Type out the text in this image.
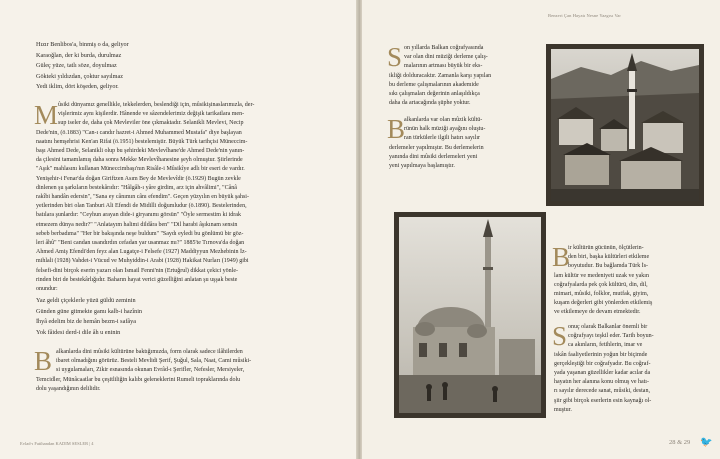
Hızır Benlibos'a, binmiş o da, geliyor
Karaoğlan, der ki burda, durulmaz
Güleç yüze, tatlı söze, doyulmaz
Gökteki yıldızdan, çoktur sayılmaz
Yedi iklim, dört köşeden, geliyor.
M ûsiki dünyamız genellikle, tekkelerden, beslendiği için, mûsikişinaslarımızla, der-
vişlerimiz aynı kişilerdir. Hânende ve sâzendelerimiz değişik tarikatlara men-
sup iseler de, daha çok Mevleviler öne çıkmaktadır. Selanikli Mevlevi, Necip
Dede'nin, (ö.1883) "Can-ı candır hazret-i Ahmed Muhammed Mustafa" diye başlayan
naatını hemşehrisi Ken'an Rifai (ö.1951) bestelemiştir. Büyük Türk tarihçisi Müneccim-
başı Ahmed Dede, Selanikli olup bu şehirdeki Mevlevîhane'de Ahmed Dede'nin yanın-
da çilesini tamamlamış daha sonra Mekke Mevlevîhanesine şeyh olmuştur. Şiirlerinde
"Aşık" mahlasını kullanan Müneccimbaşı'nın Risâle-i Mûsikîye adlı bir eseri de vardır.
Yenişehir-i Fenar'da doğan Giriftzen Asım Bey de Mevlevîdir (ö.1929) Bugün zevkle
dinlenen şu şarkıların bestekârıdır: "Hâlgâh-ı yâre girdim, arz için ahvâlimi", "Cânâ
rakîbi handân edersin", "Sana ey cânımın cânı efendim". Geçen yüzyılın en büyük şahsi-
yetlerinden biri olan Tanburi Ali Efendi de Midilli doğumludur (ö.1890). Bestelerinden,
batılara şunlardır: "Ceyhun arayan dide-i giryanımı görsün" "Öyle sermestim ki idrak
etmezem dünya nedir?" "Anlatayım halimi dildâra ben" "Dil harabi âşıkınam sensin
sebeb berbadıma" "Her bir bakışında neşe buldum" "Saydı eyledi bu gönlümü bir göz-
leri âhû" "Beni candan usandırdın cefadan yar usanmaz mı?" 1885'te Tırnova'da doğan
Ahmed Amiş Efendi'den feyz alan Lugatçe-i Felsefe (1927) Maddiyyun Mezhebinin İz-
mihlali (1928) Vahdet-i Vücud ve Muhyiddin-i Arabi (1928) Hakikat Nurları (1949) gibi
felsefi-dini birçok eserin yazarı olan İsmail Fenni'nin (Ertuğrul) dikkat çekici yönle-
rinden biri de bestekârlığıdır. Baharın hayat verici güzelliğini anlatan şu uşşak beste
onundur:
Yaz geldi çiçeklerle yüzü güldü zeminin
Günden güne gitmekte gamı kalb-i hazînin
İhyâ edelim biz de hemân bezm-i safâya
Yok fâidesi derd-i dile âh u eninin
B alkanlarda dini mûsiki kültürüne baktığımızda, form olarak sadece ilâhilerden
ibaret olmadığını görürüz. Besteli Mevlidi Şerif, Şuğul, Sala, Naat, Cami mûsiki-
si uygulamaları, Zikir esnasında okunan Evrâd-ı Şerifler, Nefesler, Mersiyeler,
Temcidler, Münâcaatlar bu çeşitliliğin kalıbı geleneklerini Rumeli topraklarında dolu
dolu yaşandığının delilidir.
Evlad-ı Fatihandan KADIM SESLER | 4
Benzeri Çan Hayatı Nesne Yazgısı Var
S on yıllarda Balkan coğrafyasında
var olan dini müziği derleme çalış-
malarının artması büyük bir eks-
ikliği dolduracaktır. Zamanla karşı yapılan
bu derleme çalışmalarının akademide
sıkı çalışmaları değerinin anlaşıldıkça
daha da artacağında şüphe yoktur.
B
alkanlarda var olan mûzik kültü-
rünün halk müziği ayağını oluştu-
ran türkülerle ilgili hatırı sayılır
derlemeler yapılmıştır. Bu derlemelerin
yanında dini mûsiki derlemeleri yeni
yeni yapılmaya başlamıştır.
B
ir kültürün gücünün, ölçütlerin-
den biri, başka kültürleri etkileme
boyutudur. Bu bağlamda Türk İs-
lam kültür ve medeniyeti uzak ve yakın
coğrafyalarda pek çok kültürü, din, dil,
mimari, mûsiki, folklor, mutfak, giyim,
kuşam değerleri gibi yönlerden etkilemiş
ve etkilemeye de devam etmektedir.
S onuç olarak Balkanlar önemli bir
coğrafyayı teşkil eder. Tarih boyun-
ca akınların, fetihlerin, imar ve
iskân faaliyetlerinin yoğun bir biçimde
gerçekleştiği bir coğrafyadır. Bu coğraf-
yada yaşanan güzellikler kadar acılar da
hayatın her alanına konu olmuş ve hatı-
rı sayılır derecede sanat, mûsiki, destan,
şiir gibi birçok eserlerin esin kaynağı ol-
muştur.
28 & 29 🐦
